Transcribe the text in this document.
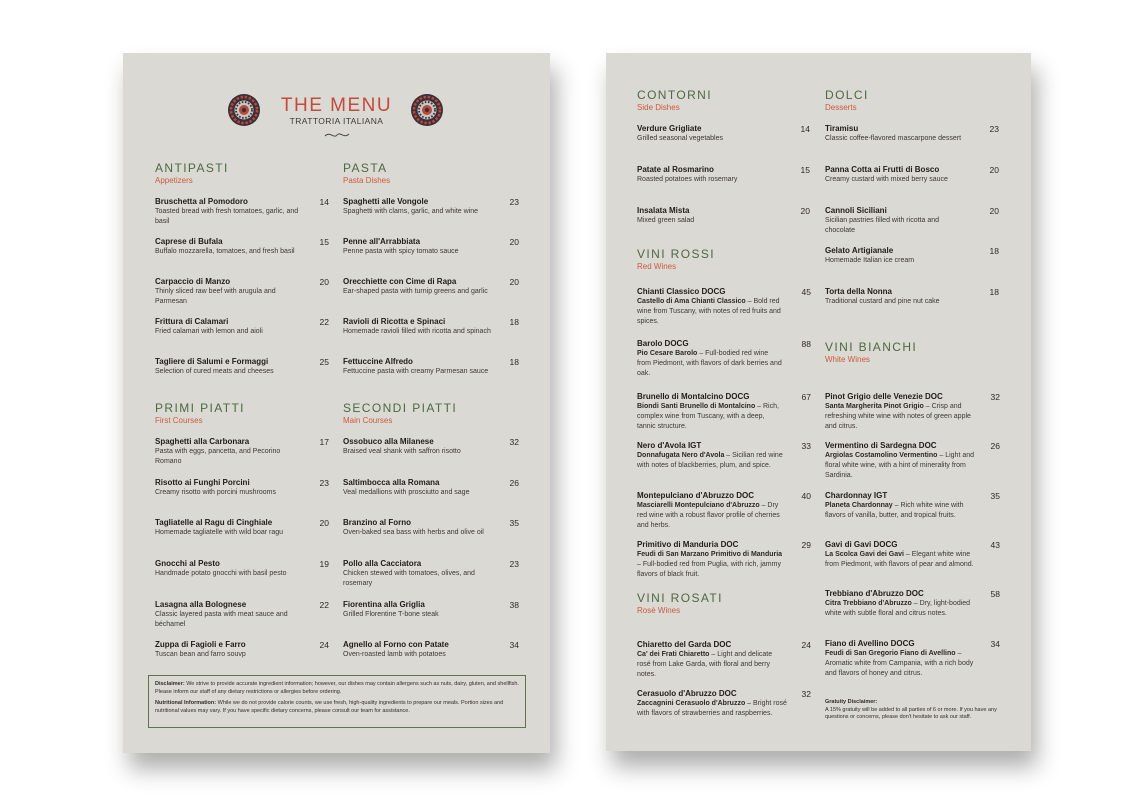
THE MENU
TRATTORIA ITALIANA
ANTIPASTI
Appetizers
Bruschetta al Pomodoro	14
Toasted bread with fresh tomatoes, garlic, and basil
Caprese di Bufala	15
Buffalo mozzarella, tomatoes, and fresh basil
Carpaccio di Manzo	20
Thinly sliced raw beef with arugula and Parmesan
Frittura di Calamari	22
Fried calamari with lemon and aioli
Tagliere di Salumi e Formaggi	25
Selection of cured meats and cheeses
PASTA
Pasta Dishes
Spaghetti alle Vongole	23
Spaghetti with clams, garlic, and white wine
Penne all'Arrabbiata	20
Penne pasta with spicy tomato sauce
Orecchiette con Cime di Rapa	20
Ear-shaped pasta with turnip greens and garlic
Ravioli di Ricotta e Spinaci	18
Homemade ravioli filled with ricotta and spinach
Fettuccine Alfredo	18
Fettuccine pasta with creamy Parmesan sauce
PRIMI PIATTI
First Courses
Spaghetti alla Carbonara	17
Pasta with eggs, pancetta, and Pecorino Romano
Risotto ai Funghi Porcini	23
Creamy risotto with porcini mushrooms
Tagliatelle al Ragu di Cinghiale	20
Homemade tagliatelle with wild boar ragu
Gnocchi al Pesto	19
Handmade potato gnocchi with basil pesto
Lasagna alla Bolognese	22
Classic layered pasta with meat sauce and béchamel
Zuppa di Fagioli e Farro	24
Tuscan bean and farro souvp
SECONDI PIATTI
Main Courses
Ossobuco alla Milanese	32
Braised veal shank with saffron risotto
Saltimbocca alla Romana	26
Veal medallions with prosciutto and sage
Branzino al Forno	35
Oven-baked sea bass with herbs and olive oil
Pollo alla Cacciatora	23
Chicken stewed with tomatoes, olives, and rosemary
Fiorentina alla Griglia	38
Grilled Florentine T-bone steak
Agnello al Forno con Patate	34
Oven-roasted lamb with potatoes

Disclaimer: We strive to provide accurate ingredient information; however, our dishes may contain allergens such as nuts, dairy, gluten, and shellfish. Please inform our staff of any dietary restrictions or allergies before ordering.

Nutritional Information: While we do not provide calorie counts, we use fresh, high-quality ingredients to prepare our meals. Portion sizes and nutritional values may vary. If you have specific dietary concerns, please consult our team for assistance.

CONTORNI
Side Dishes
Verdure Grigliate	14
Grilled seasonal vegetables
Patate al Rosmarino	15
Roasted potatoes with rosemary
Insalata Mista	20
Mixed green salad
VINI ROSSI
Red Wines
Chianti Classico DOCG	45
Castello di Ama Chianti Classico – Bold red wine from Tuscany, with notes of red fruits and spices.
Barolo DOCG	88
Pio Cesare Barolo – Full-bodied red wine from Piedmont, with flavors of dark berries and oak.
Brunello di Montalcino DOCG	67
Biondi Santi Brunello di Montalcino – Rich, complex wine from Tuscany, with a deep, tannic structure.
Nero d'Avola IGT	33
Donnafugata Nero d'Avola – Sicilian red wine with notes of blackberries, plum, and spice.
Montepulciano d'Abruzzo DOC	40
Masciarelli Montepulciano d'Abruzzo – Dry red wine with a robust flavor profile of cherries and herbs.
Primitivo di Manduria DOC	29
Feudi di San Marzano Primitivo di Manduria – Full-bodied red from Puglia, with rich, jammy flavors of black fruit.
VINI ROSATI
Rosè Wines
Chiaretto del Garda DOC	24
Ca' dei Frati Chiaretto – Light and delicate rosé from Lake Garda, with floral and berry notes.
Cerasuolo d'Abruzzo DOC	32
Zaccagnini Cerasuolo d'Abruzzo – Bright rosé with flavors of strawberries and raspberries.
DOLCI
Desserts
Tiramisu	23
Classic coffee-flavored mascarpone dessert
Panna Cotta ai Frutti di Bosco	20
Creamy custard with mixed berry sauce
Cannoli Siciliani	20
Sicilian pastries filled with ricotta and chocolate
Gelato Artigianale	18
Homemade Italian ice cream
Torta della Nonna	18
Traditional custard and pine nut cake
VINI BIANCHI
White Wines
Pinot Grigio delle Venezie DOC	32
Santa Margherita Pinot Grigio – Crisp and refreshing white wine with notes of green apple and citrus.
Vermentino di Sardegna DOC	26
Argiolas Costamolino Vermentino – Light and floral white wine, with a hint of minerality from Sardinia.
Chardonnay IGT	35
Planeta Chardonnay – Rich white wine with flavors of vanilla, butter, and tropical fruits.
Gavi di Gavi DOCG	43
La Scolca Gavi dei Gavi – Elegant white wine from Piedmont, with flavors of pear and almond.
Trebbiano d'Abruzzo DOC	58
Citra Trebbiano d'Abruzzo – Dry, light-bodied white with subtle floral and citrus notes.
Fiano di Avellino DOCG	34
Feudi di San Gregorio Fiano di Avellino – Aromatic white from Campania, with a rich body and flavors of honey and citrus.
Gratuity Disclaimer:
A 15% gratuity will be added to all parties of 6 or more. If you have any questions or concerns, please don't hesitate to ask our staff.
